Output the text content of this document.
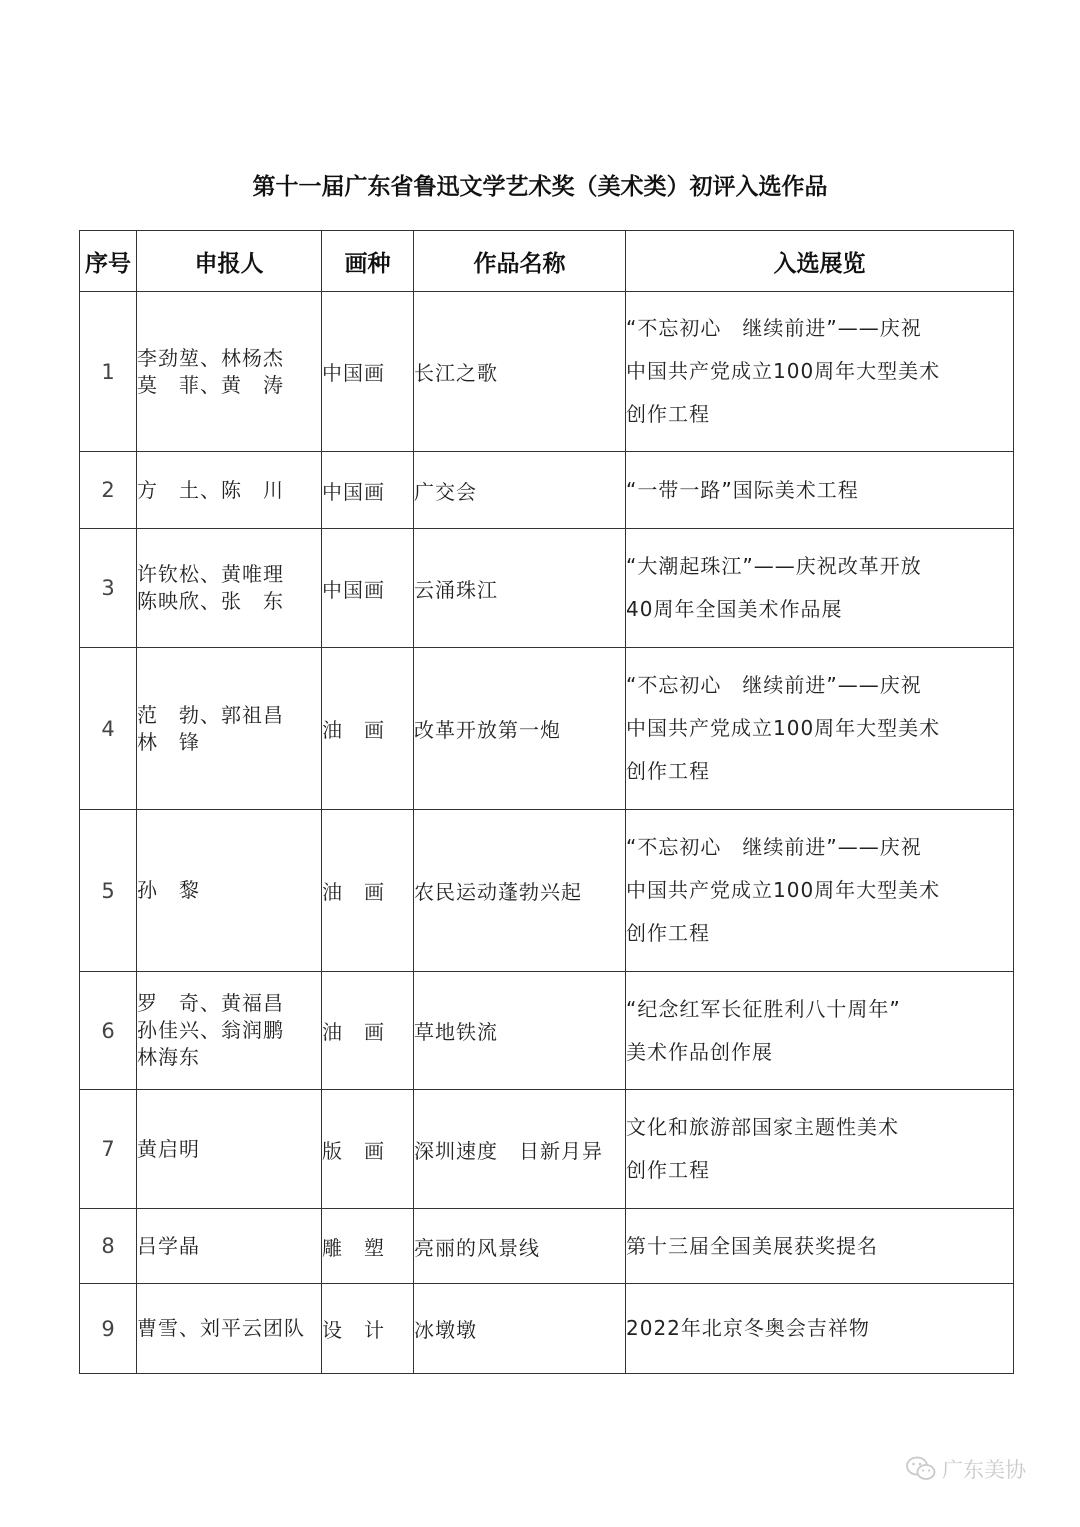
第十一届广东省鲁迅文学艺术奖（美术类）初评入选作品
序号	申报人	画种	作品名称	入选展览
1	李劲堃、林杨杰
莫　菲、黄　涛	中国画	长江之歌	“不忘初心　继续前进”——庆祝
中国共产党成立100周年大型美术
创作工程

2	方　土、陈　川	中国画	广交会	“一带一路”国际美术工程

3	许钦松、黄唯理
陈映欣、张　东	中国画	云涌珠江	“大潮起珠江”——庆祝改革开放
40周年全国美术作品展

4	范　勃、郭祖昌
林　锋	油　画	改革开放第一炮	“不忘初心　继续前进”——庆祝
中国共产党成立100周年大型美术
创作工程

5	孙　黎	油　画	农民运动蓬勃兴起	“不忘初心　继续前进”——庆祝
中国共产党成立100周年大型美术
创作工程

6	罗　奇、黄福昌
孙佳兴、翁润鹏
林海东	油　画	草地铁流	“纪念红军长征胜利八十周年”
美术作品创作展

7	黄启明	版　画	深圳速度　日新月异	文化和旅游部国家主题性美术
创作工程

8	吕学晶	雕　塑	亮丽的风景线	第十三届全国美展获奖提名

9	曹雪、刘平云团队	设　计	冰墩墩	2022年北京冬奥会吉祥物
广东美协
